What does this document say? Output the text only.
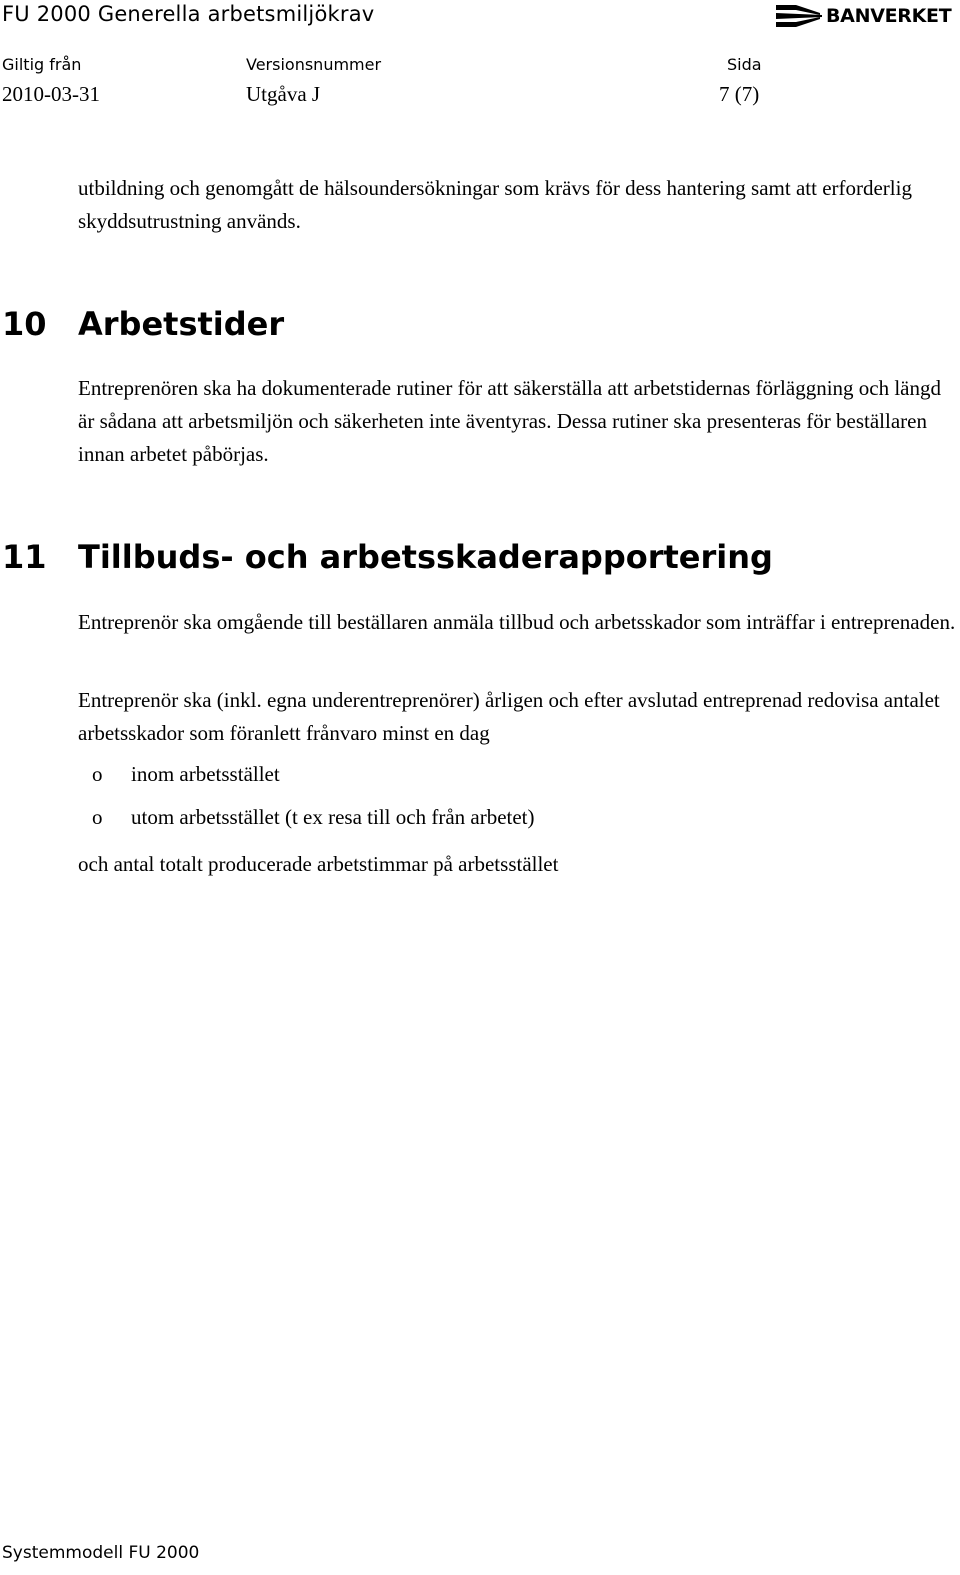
FU 2000 Generella arbetsmiljökrav	BANVERKET
Giltig från	Versionsnummer	Sida
2010-03-31	Utgåva J	7 (7)

utbildning och genomgått de hälsoundersökningar som krävs för dess hantering samt att erforderlig skyddsutrustning används.

10 Arbetstider

Entreprenören ska ha dokumenterade rutiner för att säkerställa att arbetstidernas förläggning och längd är sådana att arbetsmiljön och säkerheten inte äventyras. Dessa rutiner ska presenteras för beställaren innan arbetet påbörjas.

11 Tillbuds- och arbetsskaderapportering

Entreprenör ska omgående till beställaren anmäla tillbud och arbetsskador som inträffar i entreprenaden.

Entreprenör ska (inkl. egna underentreprenörer) årligen och efter avslutad entreprenad redovisa antalet arbetsskador som föranlett frånvaro minst en dag

o inom arbetsstället
o utom arbetsstället (t ex resa till och från arbetet)

och antal totalt producerade arbetstimmar på arbetsstället

Systemmodell FU 2000
